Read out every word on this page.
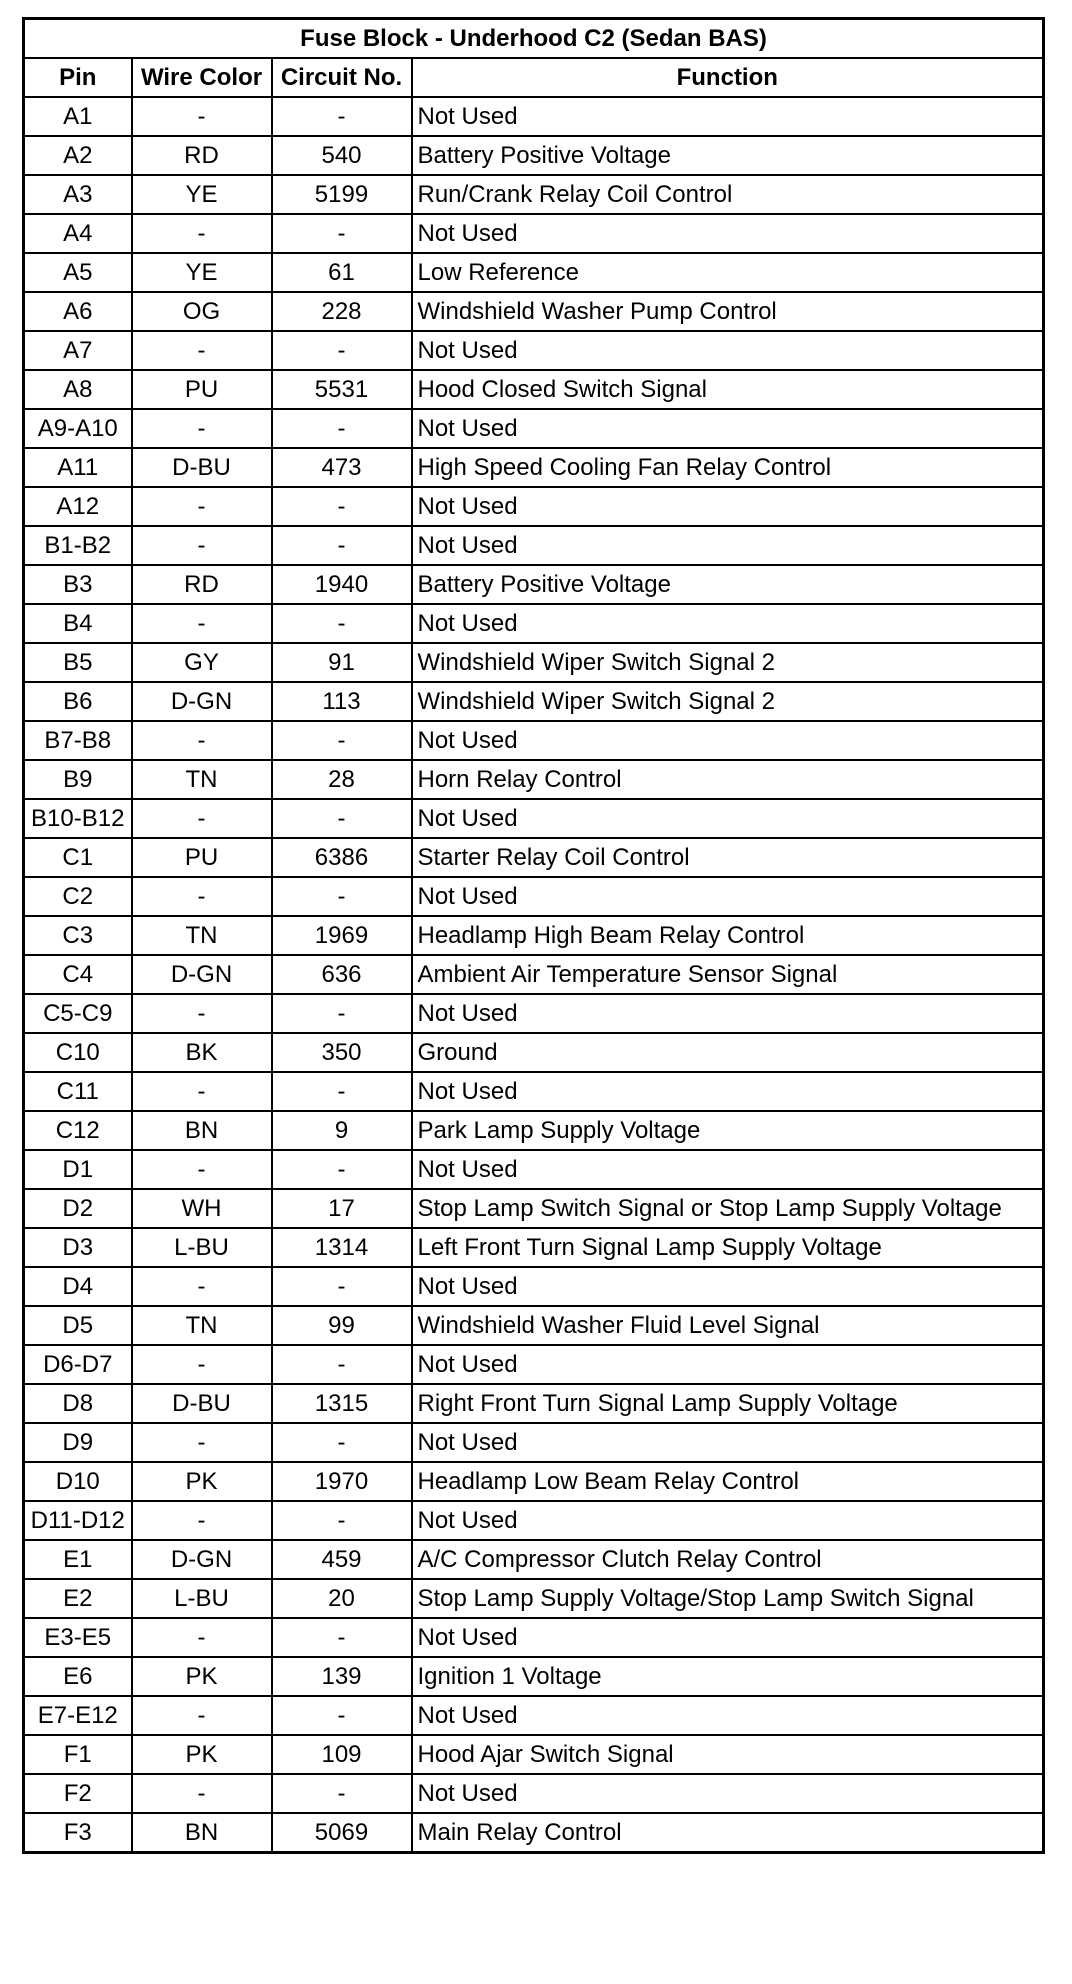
Fuse Block - Underhood C2 (Sedan BAS)			
Pin	Wire Color	Circuit No.	Function
A1	-	-	Not Used
A2	RD	540	Battery Positive Voltage
A3	YE	5199	Run/Crank Relay Coil Control
A4	-	-	Not Used
A5	YE	61	Low Reference
A6	OG	228	Windshield Washer Pump Control
A7	-	-	Not Used
A8	PU	5531	Hood Closed Switch Signal
A9-A10	-	-	Not Used
A11	D-BU	473	High Speed Cooling Fan Relay Control
A12	-	-	Not Used
B1-B2	-	-	Not Used
B3	RD	1940	Battery Positive Voltage
B4	-	-	Not Used
B5	GY	91	Windshield Wiper Switch Signal 2
B6	D-GN	113	Windshield Wiper Switch Signal 2
B7-B8	-	-	Not Used
B9	TN	28	Horn Relay Control
B10-B12	-	-	Not Used
C1	PU	6386	Starter Relay Coil Control
C2	-	-	Not Used
C3	TN	1969	Headlamp High Beam Relay Control
C4	D-GN	636	Ambient Air Temperature Sensor Signal
C5-C9	-	-	Not Used
C10	BK	350	Ground
C11	-	-	Not Used
C12	BN	9	Park Lamp Supply Voltage
D1	-	-	Not Used
D2	WH	17	Stop Lamp Switch Signal or Stop Lamp Supply Voltage
D3	L-BU	1314	Left Front Turn Signal Lamp Supply Voltage
D4	-	-	Not Used
D5	TN	99	Windshield Washer Fluid Level Signal
D6-D7	-	-	Not Used
D8	D-BU	1315	Right Front Turn Signal Lamp Supply Voltage
D9	-	-	Not Used
D10	PK	1970	Headlamp Low Beam Relay Control
D11-D12	-	-	Not Used
E1	D-GN	459	A/C Compressor Clutch Relay Control
E2	L-BU	20	Stop Lamp Supply Voltage/Stop Lamp Switch Signal
E3-E5	-	-	Not Used
E6	PK	139	Ignition 1 Voltage
E7-E12	-	-	Not Used
F1	PK	109	Hood Ajar Switch Signal
F2	-	-	Not Used
F3	BN	5069	Main Relay Control
